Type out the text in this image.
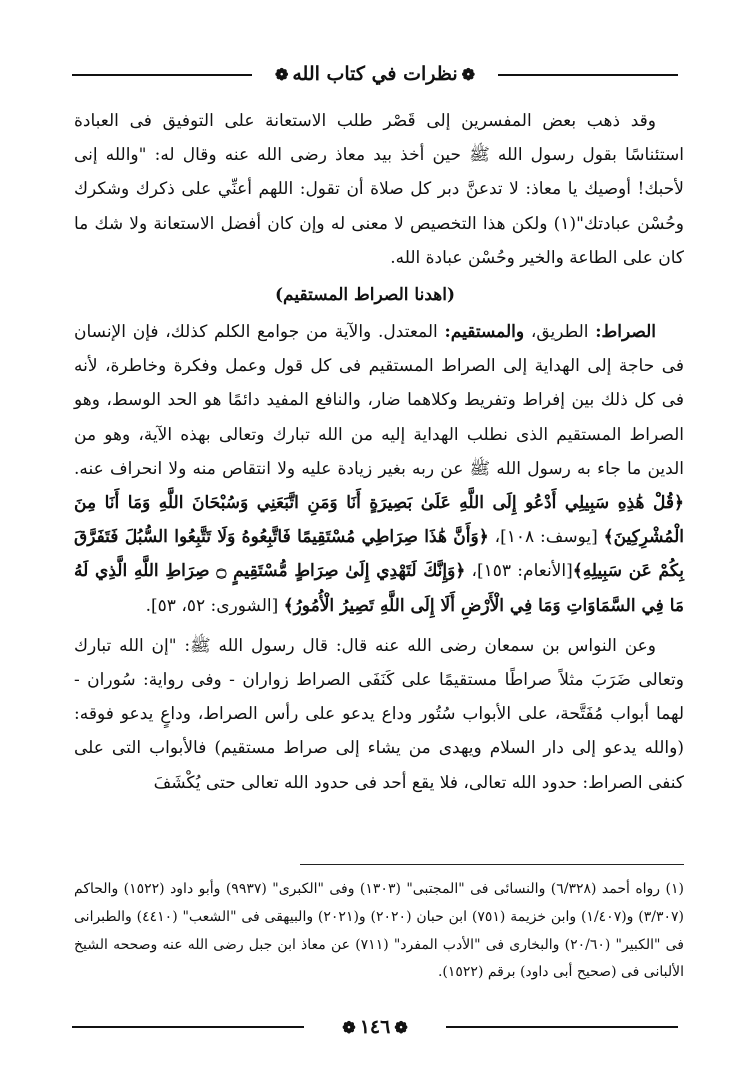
❁نظرات في كتاب الله❁

وقد ذهب بعض المفسرين إلى قَصْر طلب الاستعانة على التوفيق فى العبادة استئناسًا بقول رسول الله ﷺ حين أخذ بيد معاذ رضى الله عنه وقال له: "والله إنى لأحبك! أوصيك يا معاذ: لا تدعنَّ دبر كل صلاة أن تقول: اللهم أعنِّي على ذكرك وشكرك وحُسْن عبادتك"(١) ولكن هذا التخصيص لا معنى له وإن كان أفضل الاستعانة ولا شك ما كان على الطاعة والخير وحُسْن عبادة الله.

(اهدنا الصراط المستقيم)

الصراط: الطريق، والمستقيم: المعتدل. والآية من جوامع الكلم كذلك، فإن الإنسان فى حاجة إلى الهداية إلى الصراط المستقيم فى كل قول وعمل وفكرة وخاطرة، لأنه فى كل ذلك بين إفراط وتفريط وكلاهما ضار، والنافع المفيد دائمًا هو الحد الوسط، وهو الصراط المستقيم الذى نطلب الهداية إليه من الله تبارك وتعالى بهذه الآية، وهو من الدين ما جاء به رسول الله ﷺ عن ربه بغير زيادة عليه ولا انتقاص منه ولا انحراف عنه. ﴿قُلْ هَٰذِهِ سَبِيلِي أَدْعُو إِلَى اللَّهِ عَلَىٰ بَصِيرَةٍ أَنَا وَمَنِ اتَّبَعَنِي وَسُبْحَانَ اللَّهِ وَمَا أَنَا مِنَ الْمُشْرِكِينَ﴾ [يوسف: ١٠٨]، ﴿وَأَنَّ هَٰذَا صِرَاطِي مُسْتَقِيمًا فَاتَّبِعُوهُ وَلَا تَتَّبِعُوا السُّبُلَ فَتَفَرَّقَ بِكُمْ عَن سَبِيلِهِ﴾[الأنعام: ١٥٣]، ﴿وَإِنَّكَ لَتَهْدِي إِلَىٰ صِرَاطٍ مُّسْتَقِيمٍ ۝ صِرَاطِ اللَّهِ الَّذِي لَهُ مَا فِي السَّمَاوَاتِ وَمَا فِي الْأَرْضِ أَلَا إِلَى اللَّهِ تَصِيرُ الْأُمُورُ﴾ [الشورى: ٥٢، ٥٣].

وعن النواس بن سمعان رضى الله عنه قال: قال رسول الله ﷺ: "إن الله تبارك وتعالى ضَرَبَ مثلاً صراطًا مستقيمًا على كَنَفَى الصراط زواران - وفى رواية: سُوران - لهما أبواب مُفَتَّحة، على الأبواب سُتُور وداع يدعو على رأس الصراط، وداعٍ يدعو فوقه: (والله يدعو إلى دار السلام ويهدى من يشاء إلى صراط مستقيم) فالأبواب التى على كنفى الصراط: حدود الله تعالى، فلا يقع أحد فى حدود الله تعالى حتى يُكْشَفَ

(١) رواه أحمد (٦/٣٢٨) والنسائى فى "المجتبى" (١٣٠٣) وفى "الكبرى" (٩٩٣٧) وأبو داود (١٥٢٢) والحاكم (٣/٣٠٧) و(١/٤٠٧) وابن خزيمة (٧٥١) ابن حبان (٢٠٢٠) و(٢٠٢١) والبيهقى فى "الشعب" (٤٤١٠) والطبرانى فى "الكبير" (٢٠/٦٠) والبخارى فى "الأدب المفرد" (٧١١) عن معاذ ابن جبل رضى الله عنه وصححه الشيخ الألبانى فى (صحيح أبى داود) برقم (١٥٢٢).

❁١٤٦❁
